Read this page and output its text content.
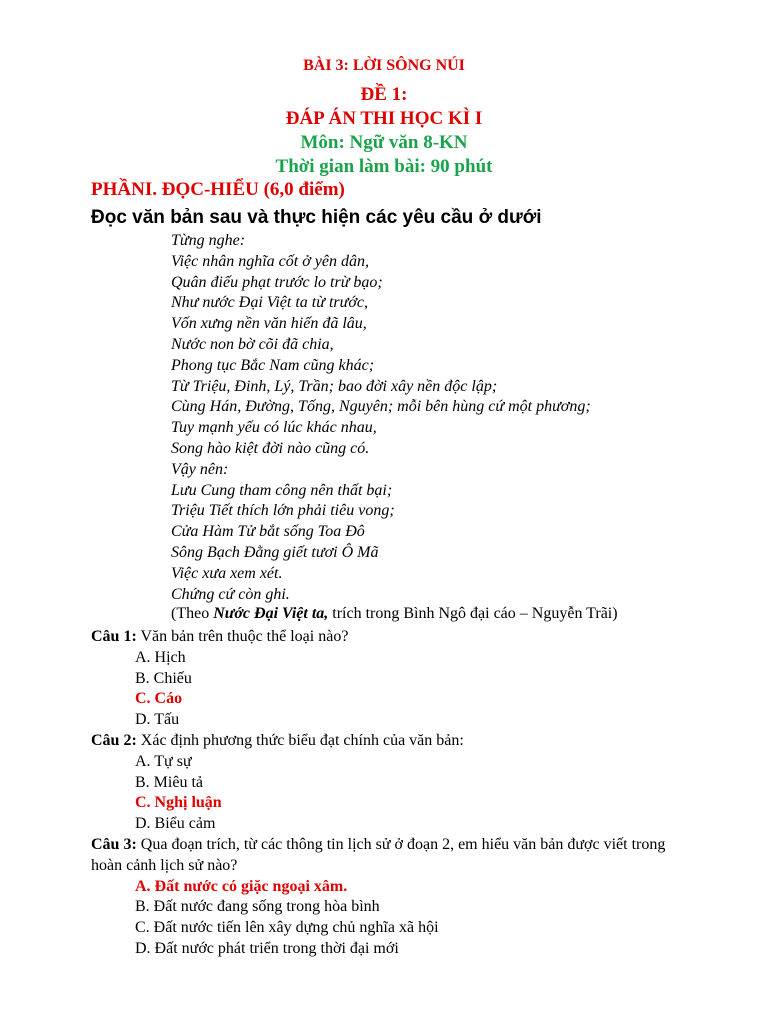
BÀI 3: LỜI SÔNG NÚI
ĐỀ 1:
ĐÁP ÁN THI HỌC KÌ I
Môn: Ngữ văn 8-KN
Thời gian làm bài: 90 phút
PHẦNI. ĐỌC-HIỂU (6,0 điểm)
Đọc văn bản sau và thực hiện các yêu cầu ở dưới
Từng nghe:
Việc nhân nghĩa cốt ở yên dân,
Quân điếu phạt trước lo trừ bạo;
Như nước Đại Việt ta từ trước,
Vốn xưng nền văn hiến đã lâu,
Nước non bờ cõi đã chia,
Phong tục Bắc Nam cũng khác;
Từ Triệu, Đinh, Lý, Trần; bao đời xây nền độc lập;
Cùng Hán, Đường, Tống, Nguyên; mỗi bên hùng cứ một phương;
Tuy mạnh yếu có lúc khác nhau,
Song hào kiệt đời nào cũng có.
Vậy nên:
Lưu Cung tham công nên thất bại;
Triệu Tiết thích lớn phải tiêu vong;
Cửa Hàm Tử bắt sống Toa Đô
Sông Bạch Đằng giết tươi Ô Mã
Việc xưa xem xét.
Chứng cứ còn ghi.
(Theo Nước Đại Việt ta, trích trong Bình Ngô đại cáo – Nguyễn Trãi)
Câu 1: Văn bản trên thuộc thể loại nào?
A. Hịch
B. Chiếu
C. Cáo
D. Tấu
Câu 2: Xác định phương thức biểu đạt chính của văn bản:
A. Tự sự
B. Miêu tả
C. Nghị luận
D. Biểu cảm
Câu 3: Qua đoạn trích, từ các thông tin lịch sử ở đoạn 2, em hiểu văn bản được viết trong hoàn cảnh lịch sử nào?
A. Đất nước có giặc ngoại xâm.
B. Đất nước đang sống trong hòa bình
C. Đất nước tiến lên xây dựng chủ nghĩa xã hội
D. Đất nước phát triển trong thời đại mới
